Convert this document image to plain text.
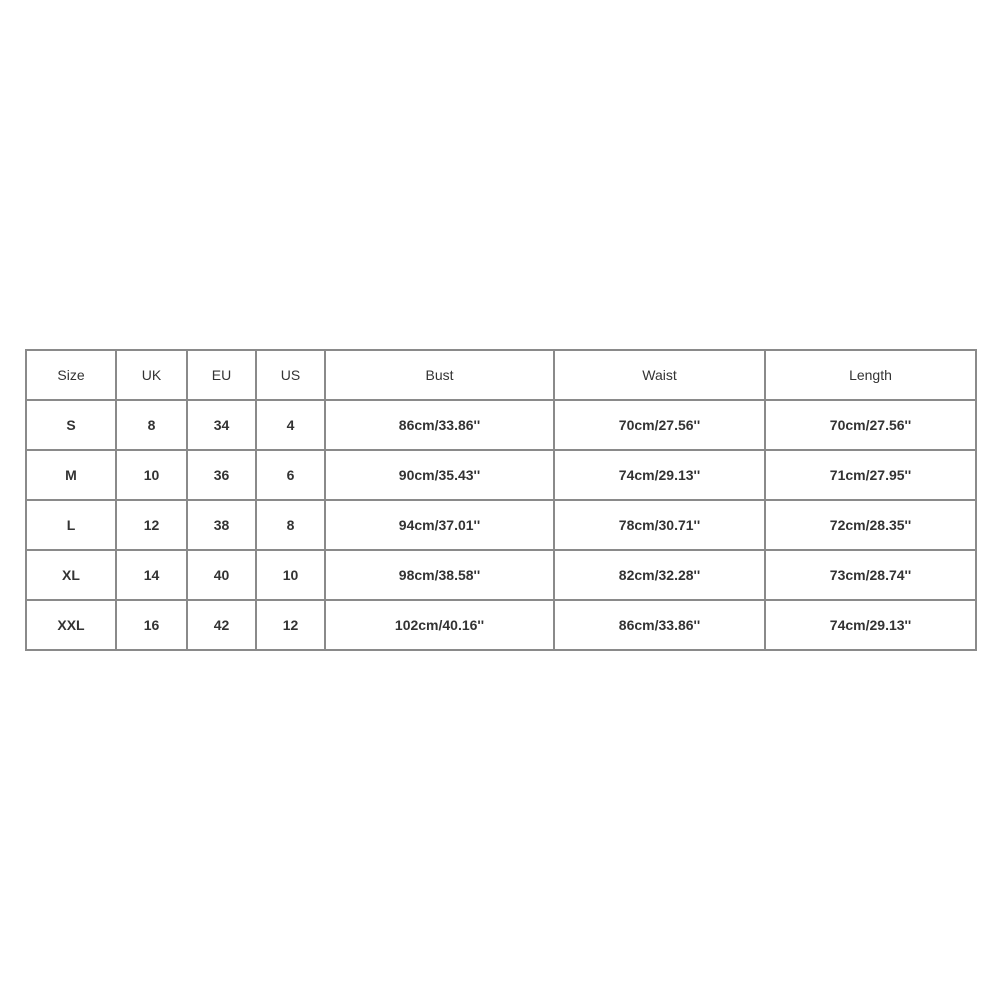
Size	UK	EU	US	Bust	Waist	Length
S	8	34	4	86cm/33.86''	70cm/27.56''	70cm/27.56''
M	10	36	6	90cm/35.43''	74cm/29.13''	71cm/27.95''
L	12	38	8	94cm/37.01''	78cm/30.71''	72cm/28.35''
XL	14	40	10	98cm/38.58''	82cm/32.28''	73cm/28.74''
XXL	16	42	12	102cm/40.16''	86cm/33.86''	74cm/29.13''
